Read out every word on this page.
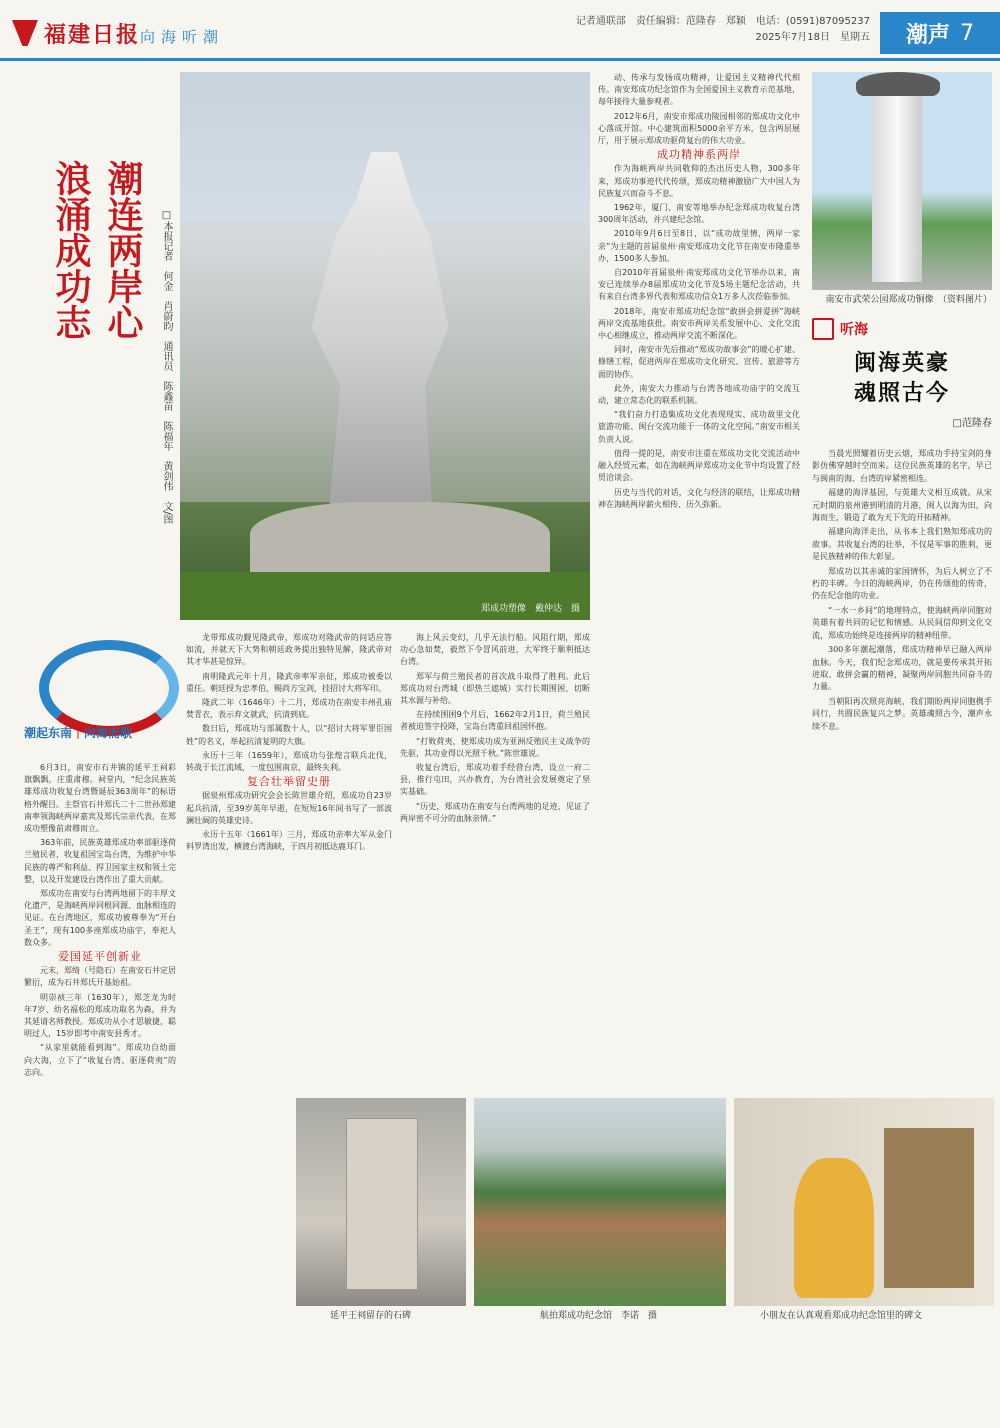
福建日报 向海听潮
记者通联部　责任编辑：范隆春　郑颖　电话：(0591)87095237
2025年7月18日　星期五 潮声 7
潮连两岸心
浪涌成功志	□本报记者　何金　肖蔚昀　通讯员　陈鑫苗　陈福年　黄剑伟　文/图
郑成功塑像　戴仲达　摄
潮起东南｜向海而歌

6月3日，南安市石井镇的延平王祠彩旗飘飘，庄重肃穆。祠堂内，“纪念民族英雄郑成功收复台湾暨诞辰363周年”的标语格外醒目。主祭官石井郑氏二十二世孙郑建南率领海峡两岸嘉宾及郑氏宗亲代表，在郑成功塑像前肃穆而立。

363年前，民族英雄郑成功率部驱逐荷兰殖民者，收复祖国宝岛台湾，为维护中华民族的尊严和利益、捍卫国家主权和领土完整，以及开发建设台湾作出了重大贡献。

郑成功在南安与台湾两地留下的丰厚文化遗产，是海峡两岸同根同源、血脉相连的见证。在台湾地区，郑成功被尊奉为“开台圣王”，现有100多座郑成功庙宇，奉祀人数众多。

爱国延平创新业

元末，郑绮（号隐石）在南安石井定居繁衍，成为石井郑氏开基始祖。

明崇祯三年（1630年），郑芝龙为时年7岁、幼名福松的郑成功取名为森，并为其延请名师教授。郑成功从小才思敏捷，聪明过人，15岁即考中南安县秀才。

“从家里就能看到海”。郑成功自幼面向大海，立下了“收复台湾、驱逐荷夷”的志向。

龙带郑成功觐见隆武帝，郑成功对隆武帝的问话应答如流，并就天下大势和朝廷政务提出独特见解，隆武帝对其才华甚是惊异。

南明隆武元年十月，隆武帝率军亲征，郑成功被委以重任。朝廷授为忠孝伯，赐尚方宝剑，挂招讨大将军印。

隆武二年（1646年）十二月，郑成功在南安丰州孔庙焚青衣，表示弃文就武，抗清到底。

数日后，郑成功与部属数十人，以“招讨大将军罪臣国姓”的名义，举起抗清复明的大旗。

永历十三年（1659年），郑成功与张煌言联兵北伐，转战于长江流域，一度包围南京，最终失利。

复合壮举留史册

据泉州郑成功研究会会长陈世雄介绍，郑成功自23岁起兵抗清，至39岁英年早逝，在短短16年间书写了一部波澜壮阔的英雄史诗。

永历十五年（1661年）三月，郑成功亲率大军从金门料罗湾出发，横渡台湾海峡，于四月初抵达鹿耳门。

海上风云变幻，几乎无法行船。风阻行期，郑成功心急如焚，毅然下令冒风前进，大军终于顺利抵达台湾。

郑军与荷兰殖民者的首次战斗取得了胜利。此后郑成功对台湾城（即热兰遮城）实行长期围困，切断其水源与补给。

在持续围困9个月后，1662年2月1日，荷兰殖民者被迫签字投降，宝岛台湾重回祖国怀抱。

“打败荷夷，使郑成功成为亚洲反殖民主义战争的先驱，其功业得以光照千秋。”陈世雄说。

收复台湾后，郑成功着手经营台湾，设立一府二县，推行屯田，兴办教育，为台湾社会发展奠定了坚实基础。

“历史，郑成功在南安与台湾两地的足迹，见证了两岸密不可分的血脉亲情。”

动、传承与发扬成功精神，让爱国主义精神代代相传。南安郑成功纪念馆作为全国爱国主义教育示范基地，每年接待大量参观者。

2012年6月，南安市郑成功陵园相邻的郑成功文化中心落成开馆。中心建筑面积5000余平方米，包含两层展厅，用于展示郑成功驱荷复台的伟大功业。

成功精神系两岸

作为海峡两岸共同敬仰的杰出历史人物，300多年来，郑成功事迹代代传颂，郑成功精神激励广大中国人为民族复兴而奋斗不息。

1962年，厦门、南安等地举办纪念郑成功收复台湾300周年活动，并兴建纪念馆。

2010年9月6日至8日，以“成功故里情，两岸一家亲”为主题的首届泉州·南安郑成功文化节在南安市隆重举办，1500多人参加。

自2010年首届泉州·南安郑成功文化节举办以来，南安已连续举办8届郑成功文化节及5场主题纪念活动，共有来自台湾多界代表和郑成功信众1万多人次莅临参加。

2018年，南安市郑成功纪念馆“敢拼会拼爱拼”海峡两岸交流基地获批。南安市两岸关系发展中心、文化交流中心相继成立，推动两岸交流不断深化。

同时，南安市先后推动“郑成功故事会”的暖心扩建、修缮工程，促进两岸在郑成功文化研究、宣传、旅游等方面的协作。

此外，南安大力推动与台湾各地成功庙宇的交流互动，建立常态化的联系机制。

“我们奋力打造集成功文化表现现实、成功故里文化旅游功能、闽台交流功能于一体的文化空间。”南安市相关负责人说。

值得一提的是，南安市注重在郑成功文化交流活动中融入经贸元素，如在海峡两岸郑成功文化节中均设置了经贸洽谈会。

历史与当代的对话，文化与经济的联结，让郑成功精神在海峡两岸薪火相传、历久弥新。

南安市武荣公园郑成功铜像　（资料图片）
听海
闽海英豪
魂照古今
□范隆春

当晨光照耀着历史云烟，郑成功手持宝剑的身影仿佛穿越时空而来。这位民族英雄的名字，早已与闽南的海、台湾的岸紧密相连。

福建的海洋基因，与英雄大义相互成就。从宋元时期的泉州港到明清的月港，闽人以海为田，向海而生，锻造了敢为天下先的开拓精神。

福建向海洋走出，从书本上我们熟知郑成功的故事。其收复台湾的壮举，不仅是军事的胜利，更是民族精神的伟大彰显。

郑成功以其赤诚的家国情怀，为后人树立了不朽的丰碑。今日的海峡两岸，仍在传颂他的传奇，仍在纪念他的功业。

“一水一乡间”的地理特点，使海峡两岸同胞对英雄有着共同的记忆和情感。从民间信仰到文化交流，郑成功始终是连接两岸的精神纽带。

300多年潮起潮落，郑成功精神早已融入两岸血脉。今天，我们纪念郑成功，就是要传承其开拓进取、敢拼会赢的精神，凝聚两岸同胞共同奋斗的力量。

当朝阳再次照亮海峡，我们期盼两岸同胞携手同行，共圆民族复兴之梦。英雄魂照古今，潮声永续不息。

延平王祠留存的石碑	航拍郑成功纪念馆　李诺　摄	小朋友在认真观看郑成功纪念馆里的碑文
